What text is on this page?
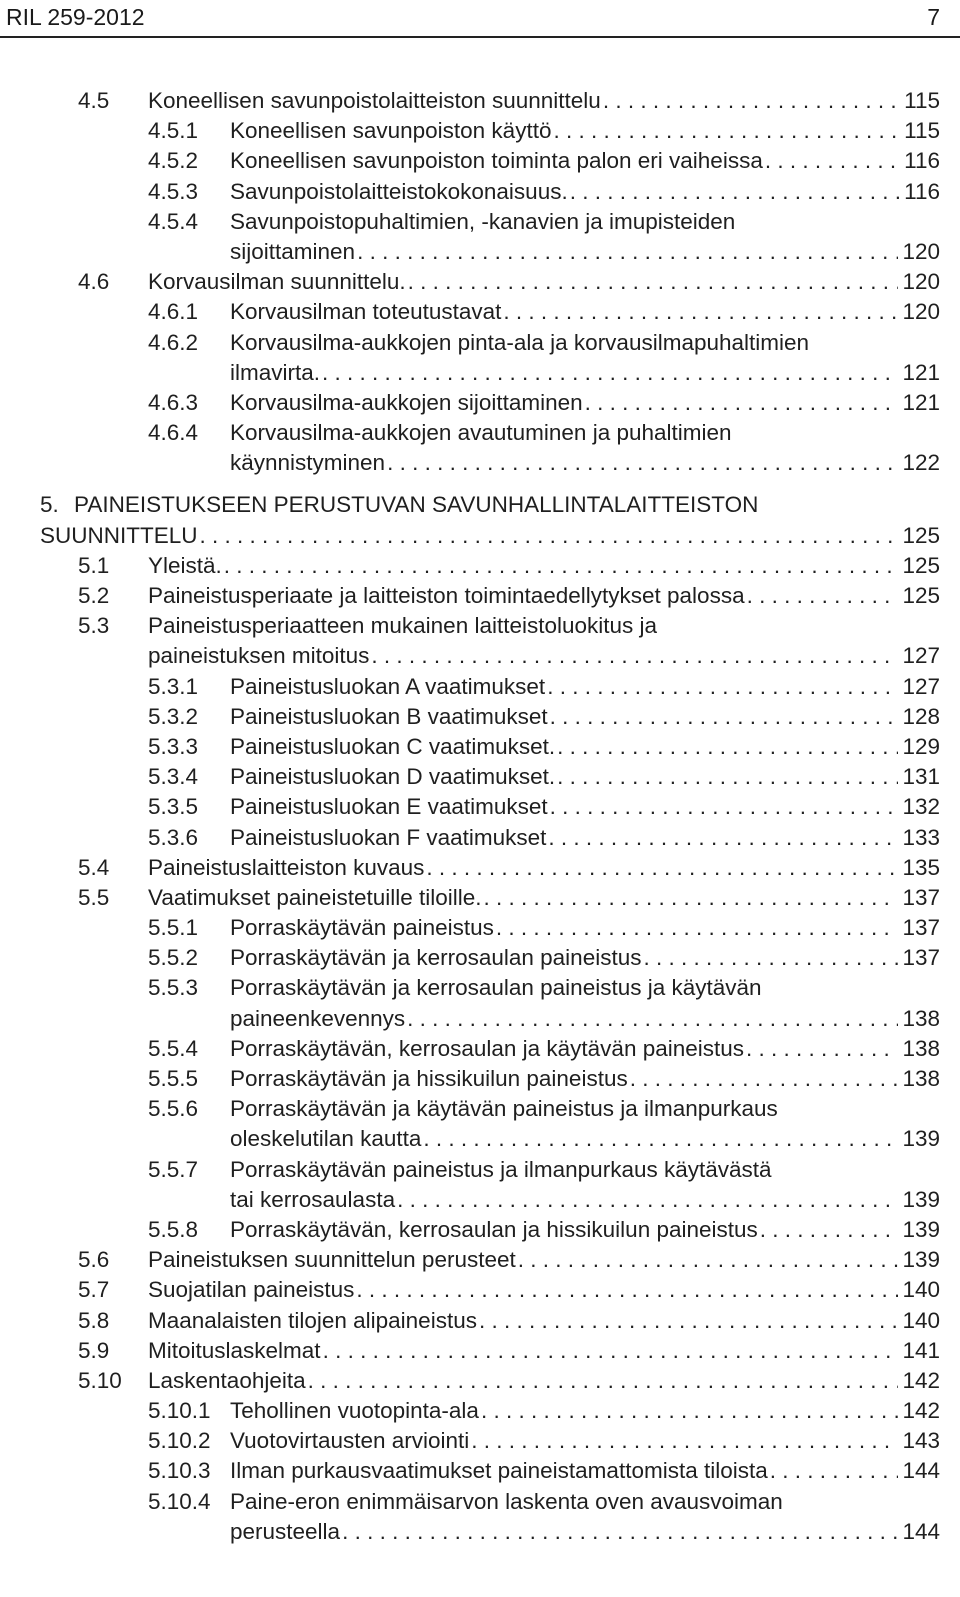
RIL 259-2012	7
4.5 Koneellisen savunpoistolaitteiston suunnittelu . . .	115
4.5.1 Koneellisen savunpoiston käyttö . . .	115
4.5.2 Koneellisen savunpoiston toiminta palon eri vaiheissa . . .	116
4.5.3 Savunpoistolaitteistokokonaisuus. . . .	116
4.5.4 Savunpoistopuhaltimien, -kanavien ja imupisteiden
sijoittaminen . . .	120
4.6 Korvausilman suunnittelu. . . .	120
4.6.1 Korvausilman toteutustavat . . .	120
4.6.2 Korvausilma-aukkojen pinta-ala ja korvausilmapuhaltimien
ilmavirta. . . .	121
4.6.3 Korvausilma-aukkojen sijoittaminen . . .	121
4.6.4 Korvausilma-aukkojen avautuminen ja puhaltimien
käynnistyminen . . .	122
5. PAINEISTUKSEEN PERUSTUVAN SAVUNHALLINTALAITTEISTON
SUUNNITTELU . . .	125
5.1 Yleistä. . . .	125
5.2 Paineistusperiaate ja laitteiston toimintaedellytykset palossa . . .	125
5.3 Paineistusperiaatteen mukainen laitteistoluokitus ja
paineistuksen mitoitus . . .	127
5.3.1 Paineistusluokan A vaatimukset . . .	127
5.3.2 Paineistusluokan B vaatimukset . . .	128
5.3.3 Paineistusluokan C vaatimukset. . . .	129
5.3.4 Paineistusluokan D vaatimukset. . . .	131
5.3.5 Paineistusluokan E vaatimukset . . .	132
5.3.6 Paineistusluokan F vaatimukset . . .	133
5.4 Paineistuslaitteiston kuvaus . . .	135
5.5 Vaatimukset paineistetuille tiloille. . . .	137
5.5.1 Porraskäytävän paineistus . . .	137
5.5.2 Porraskäytävän ja kerrosaulan paineistus . . .	137
5.5.3 Porraskäytävän ja kerrosaulan paineistus ja käytävän
paineenkevennys . . .	138
5.5.4 Porraskäytävän, kerrosaulan ja käytävän paineistus . . .	138
5.5.5 Porraskäytävän ja hissikuilun paineistus . . .	138
5.5.6 Porraskäytävän ja käytävän paineistus ja ilmanpurkaus
oleskelutilan kautta . . .	139
5.5.7 Porraskäytävän paineistus ja ilmanpurkaus käytävästä
tai kerrosaulasta . . .	139
5.5.8 Porraskäytävän, kerrosaulan ja hissikuilun paineistus . . .	139
5.6 Paineistuksen suunnittelun perusteet . . .	139
5.7 Suojatilan paineistus . . .	140
5.8 Maanalaisten tilojen alipaineistus . . .	140
5.9 Mitoituslaskelmat . . .	141
5.10 Laskentaohjeita . . .	142
5.10.1 Tehollinen vuotopinta-ala . . .	142
5.10.2 Vuotovirtausten arviointi . . .	143
5.10.3 Ilman purkausvaatimukset paineistamattomista tiloista . . .	144
5.10.4 Paine-eron enimmäisarvon laskenta oven avausvoiman
perusteella . . .	144
